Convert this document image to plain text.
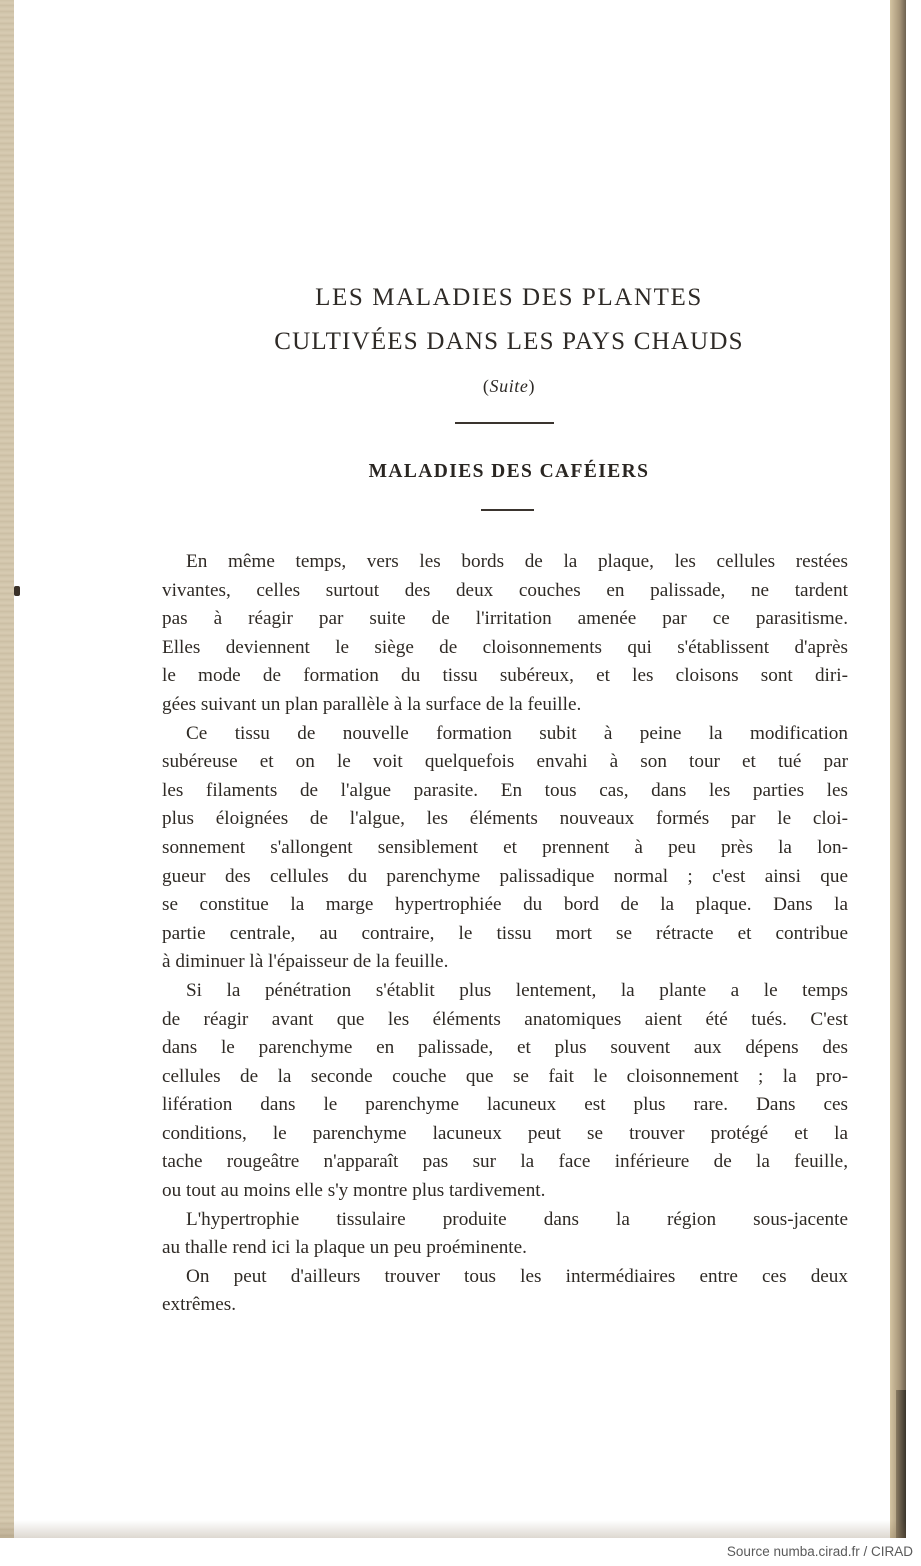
LES MALADIES DES PLANTES
CULTIVÉES DANS LES PAYS CHAUDS
(Suite)
MALADIES DES CAFÉIERS
En même temps, vers les bords de la plaque, les cellules restées
vivantes, celles surtout des deux couches en palissade, ne tardent
pas à réagir par suite de l'irritation amenée par ce parasitisme.
Elles deviennent le siège de cloisonnements qui s'établissent d'après
le mode de formation du tissu subéreux, et les cloisons sont diri-
gées suivant un plan parallèle à la surface de la feuille.
Ce tissu de nouvelle formation subit à peine la modification
subéreuse et on le voit quelquefois envahi à son tour et tué par
les filaments de l'algue parasite. En tous cas, dans les parties les
plus éloignées de l'algue, les éléments nouveaux formés par le cloi-
sonnement s'allongent sensiblement et prennent à peu près la lon-
gueur des cellules du parenchyme palissadique normal ; c'est ainsi que
se constitue la marge hypertrophiée du bord de la plaque. Dans la
partie centrale, au contraire, le tissu mort se rétracte et contribue
à diminuer là l'épaisseur de la feuille.
Si la pénétration s'établit plus lentement, la plante a le temps
de réagir avant que les éléments anatomiques aient été tués. C'est
dans le parenchyme en palissade, et plus souvent aux dépens des
cellules de la seconde couche que se fait le cloisonnement ; la pro-
lifération dans le parenchyme lacuneux est plus rare. Dans ces
conditions, le parenchyme lacuneux peut se trouver protégé et la
tache rougeâtre n'apparaît pas sur la face inférieure de la feuille,
ou tout au moins elle s'y montre plus tardivement.
L'hypertrophie tissulaire produite dans la région sous-jacente
au thalle rend ici la plaque un peu proéminente.
On peut d'ailleurs trouver tous les intermédiaires entre ces deux
extrêmes.
Source numba.cirad.fr / CIRAD
